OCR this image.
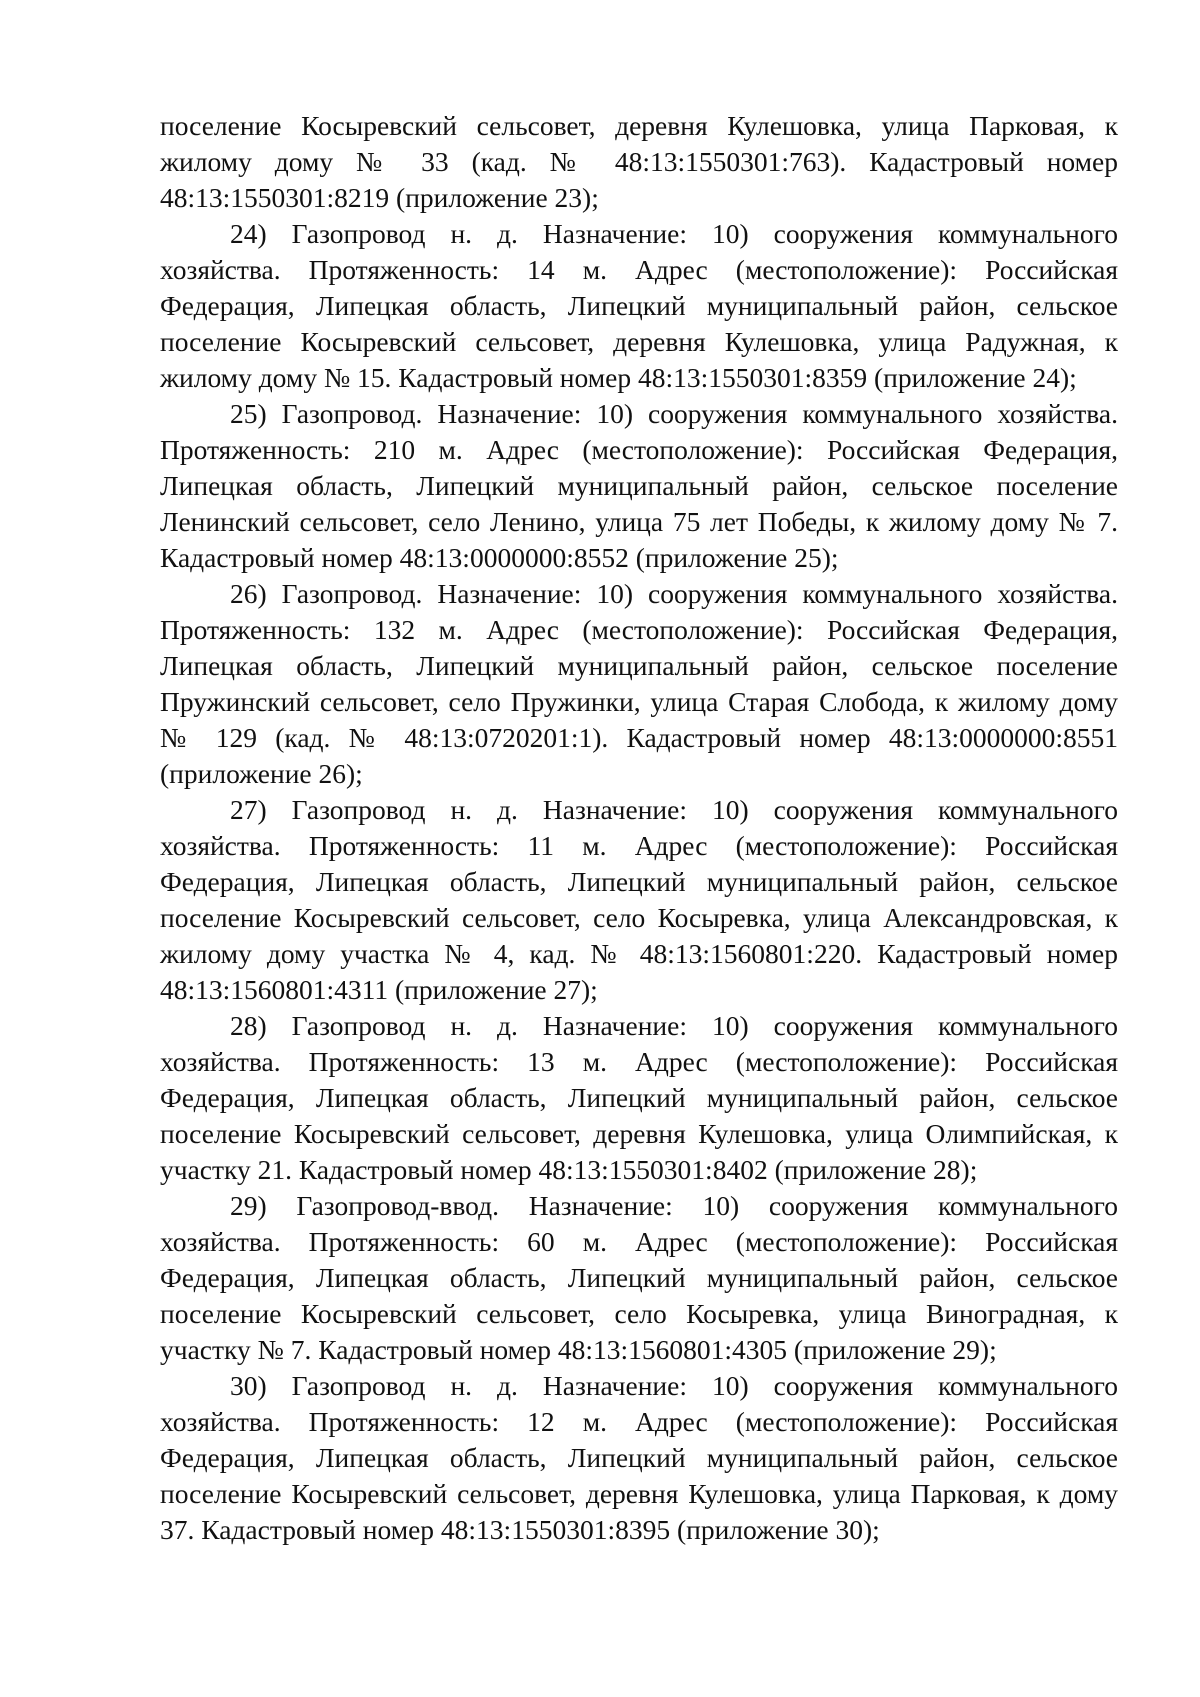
поселение Косыревский сельсовет, деревня Кулешовка, улица Парковая, к жилому дому № 33 (кад. № 48:13:1550301:763). Кадастровый номер 48:13:1550301:8219 (приложение 23);

24) Газопровод н. д. Назначение: 10) сооружения коммунального хозяйства. Протяженность: 14 м. Адрес (местоположение): Российская Федерация, Липецкая область, Липецкий муниципальный район, сельское поселение Косыревский сельсовет, деревня Кулешовка, улица Радужная, к жилому дому № 15. Кадастровый номер 48:13:1550301:8359 (приложение 24);

25) Газопровод. Назначение: 10) сооружения коммунального хозяйства. Протяженность: 210 м. Адрес (местоположение): Российская Федерация, Липецкая область, Липецкий муниципальный район, сельское поселение Ленинский сельсовет, село Ленино, улица 75 лет Победы, к жилому дому № 7. Кадастровый номер 48:13:0000000:8552 (приложение 25);

26) Газопровод. Назначение: 10) сооружения коммунального хозяйства. Протяженность: 132 м. Адрес (местоположение): Российская Федерация, Липецкая область, Липецкий муниципальный район, сельское поселение Пружинский сельсовет, село Пружинки, улица Старая Слобода, к жилому дому № 129 (кад. № 48:13:0720201:1). Кадастровый номер 48:13:0000000:8551 (приложение 26);

27) Газопровод н. д. Назначение: 10) сооружения коммунального хозяйства. Протяженность: 11 м. Адрес (местоположение): Российская Федерация, Липецкая область, Липецкий муниципальный район, сельское поселение Косыревский сельсовет, село Косыревка, улица Александровская, к жилому дому участка № 4, кад. № 48:13:1560801:220. Кадастровый номер 48:13:1560801:4311 (приложение 27);

28) Газопровод н. д. Назначение: 10) сооружения коммунального хозяйства. Протяженность: 13 м. Адрес (местоположение): Российская Федерация, Липецкая область, Липецкий муниципальный район, сельское поселение Косыревский сельсовет, деревня Кулешовка, улица Олимпийская, к участку 21. Кадастровый номер 48:13:1550301:8402 (приложение 28);

29) Газопровод-ввод. Назначение: 10) сооружения коммунального хозяйства. Протяженность: 60 м. Адрес (местоположение): Российская Федерация, Липецкая область, Липецкий муниципальный район, сельское поселение Косыревский сельсовет, село Косыревка, улица Виноградная, к участку № 7. Кадастровый номер 48:13:1560801:4305 (приложение 29);

30) Газопровод н. д. Назначение: 10) сооружения коммунального хозяйства. Протяженность: 12 м. Адрес (местоположение): Российская Федерация, Липецкая область, Липецкий муниципальный район, сельское поселение Косыревский сельсовет, деревня Кулешовка, улица Парковая, к дому 37. Кадастровый номер 48:13:1550301:8395 (приложение 30);
